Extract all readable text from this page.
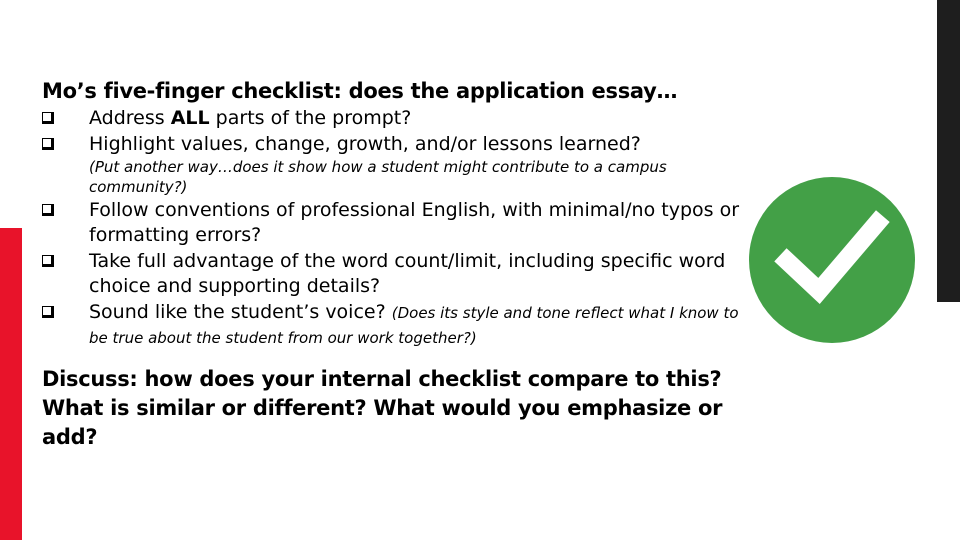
Mo’s five-finger checklist: does the application essay…
Address ALL parts of the prompt?
Highlight values, change, growth, and/or lessons learned?
(Put another way…does it show how a student might contribute to a campus community?)
Follow conventions of professional English, with minimal/no typos or formatting errors?
Take full advantage of the word count/limit, including specific word choice and supporting details?
Sound like the student’s voice? (Does its style and tone reflect what I know to be true about the student from our work together?)
Discuss: how does your internal checklist compare to this? What is similar or different? What would you emphasize or add?
